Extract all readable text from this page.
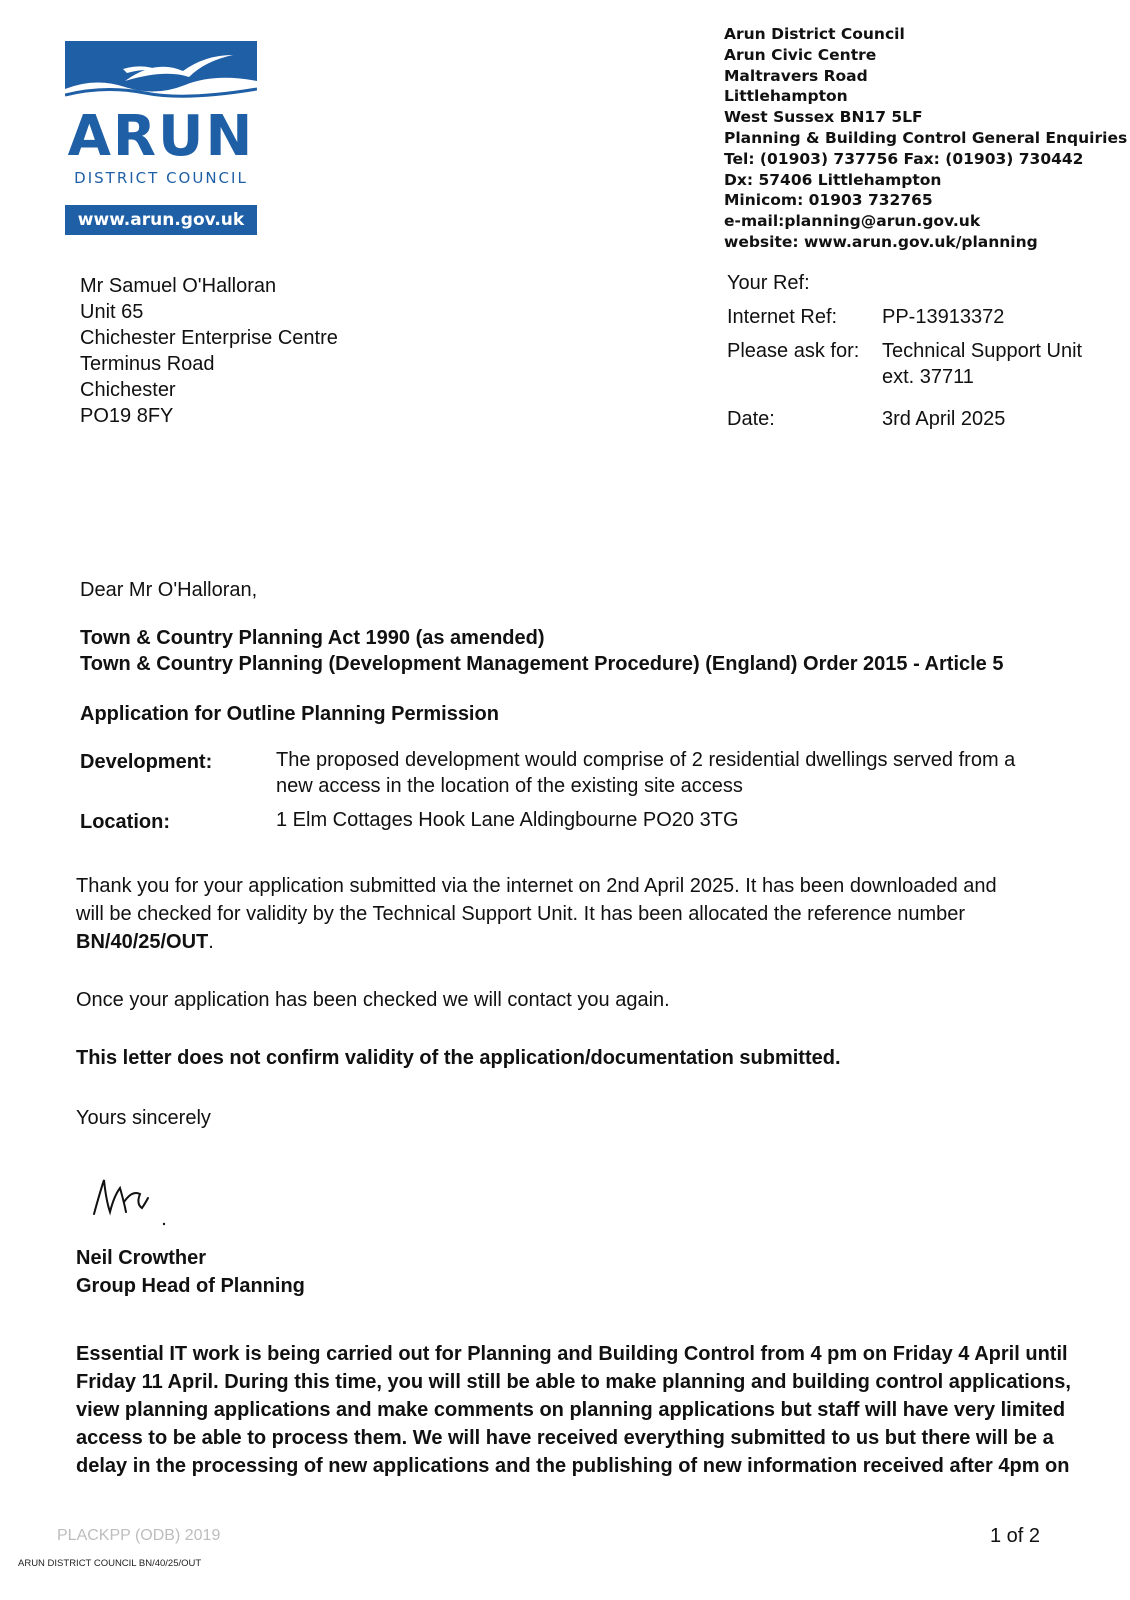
ARUN
DISTRICT COUNCIL
www.arun.gov.uk
Arun District Council
Arun Civic Centre
Maltravers Road
Littlehampton
West Sussex BN17 5LF
Planning & Building Control General Enquiries
Tel: (01903) 737756 Fax: (01903) 730442
Dx: 57406 Littlehampton
Minicom: 01903 732765
e-mail:planning@arun.gov.uk
website: www.arun.gov.uk/planning
Mr Samuel O'Halloran
Unit 65
Chichester Enterprise Centre
Terminus Road
Chichester
PO19 8FY
Your Ref:
Internet Ref: PP-13913372
Please ask for: Technical Support Unit
ext. 37711
Date:	3rd April 2025
Dear Mr O'Halloran,
Town & Country Planning Act 1990 (as amended)
Town & Country Planning (Development Management Procedure) (England) Order 2015 - Article 5
Application for Outline Planning Permission
Development:	The proposed development would comprise of 2 residential dwellings served from a
new access in the location of the existing site access
Location:	1 Elm Cottages Hook Lane Aldingbourne PO20 3TG
Thank you for your application submitted via the internet on 2nd April 2025. It has been downloaded and
will be checked for validity by the Technical Support Unit. It has been allocated the reference number
BN/40/25/OUT.
Once your application has been checked we will contact you again.
This letter does not confirm validity of the application/documentation submitted.
Yours sincerely
Neil Crowther
Group Head of Planning
Essential IT work is being carried out for Planning and Building Control from 4 pm on Friday 4 April until
Friday 11 April. During this time, you will still be able to make planning and building control applications,
view planning applications and make comments on planning applications but staff will have very limited
access to be able to process them. We will have received everything submitted to us but there will be a
delay in the processing of new applications and the publishing of new information received after 4pm on
PLACKPP (ODB) 2019	1 of 2
ARUN DISTRICT COUNCIL BN/40/25/OUT
